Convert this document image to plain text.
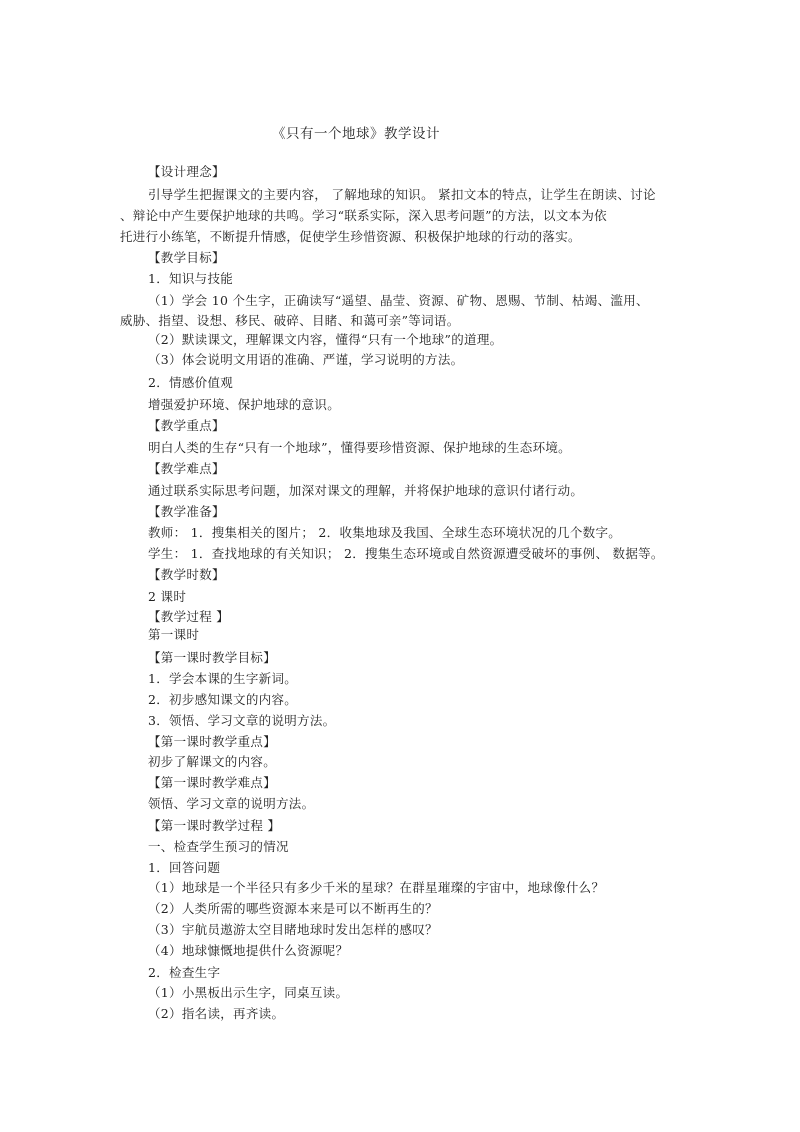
《只有一个地球》教学设计
【设计理念】
引导学生把握课文的主要内容， 了解地球的知识。 紧扣文本的特点，让学生在朗读、讨论
、辩论中产生要保护地球的共鸣。学习“联系实际，深入思考问题”的方法，以文本为依
托进行小练笔，不断提升情感，促使学生珍惜资源、积极保护地球的行动的落实。
【教学目标】
1．知识与技能
（1）学会 10 个生字，正确读写“遥望、晶莹、资源、矿物、恩赐、节制、枯竭、滥用、
威胁、指望、设想、移民、破碎、目睹、和蔼可亲”等词语。
（2）默读课文，理解课文内容，懂得“只有一个地球”的道理。
（3）体会说明文用语的准确、严谨，学习说明的方法。
2．情感价值观
增强爱护环境、保护地球的意识。
【教学重点】
明白人类的生存“只有一个地球”，懂得要珍惜资源、保护地球的生态环境。
【教学难点】
通过联系实际思考问题，加深对课文的理解，并将保护地球的意识付诸行动。
【教学准备】
教师： 1．搜集相关的图片； 2．收集地球及我国、全球生态环境状况的几个数字。
学生： 1．查找地球的有关知识； 2．搜集生态环境或自然资源遭受破坏的事例、 数据等。
【教学时数】
2 课时
【教学过程 】
第一课时
【第一课时教学目标】
1．学会本课的生字新词。
2．初步感知课文的内容。
3．领悟、学习文章的说明方法。
【第一课时教学重点】
初步了解课文的内容。
【第一课时教学难点】
领悟、学习文章的说明方法。
【第一课时教学过程 】
一、检查学生预习的情况
1．回答问题
（1）地球是一个半径只有多少千米的星球？在群星璀璨的宇宙中，地球像什么？
（2）人类所需的哪些资源本来是可以不断再生的？
（3）宇航员遨游太空目睹地球时发出怎样的感叹？
（4）地球慷慨地提供什么资源呢？
2．检查生字
（1）小黑板出示生字，同桌互读。
（2）指名读，再齐读。
